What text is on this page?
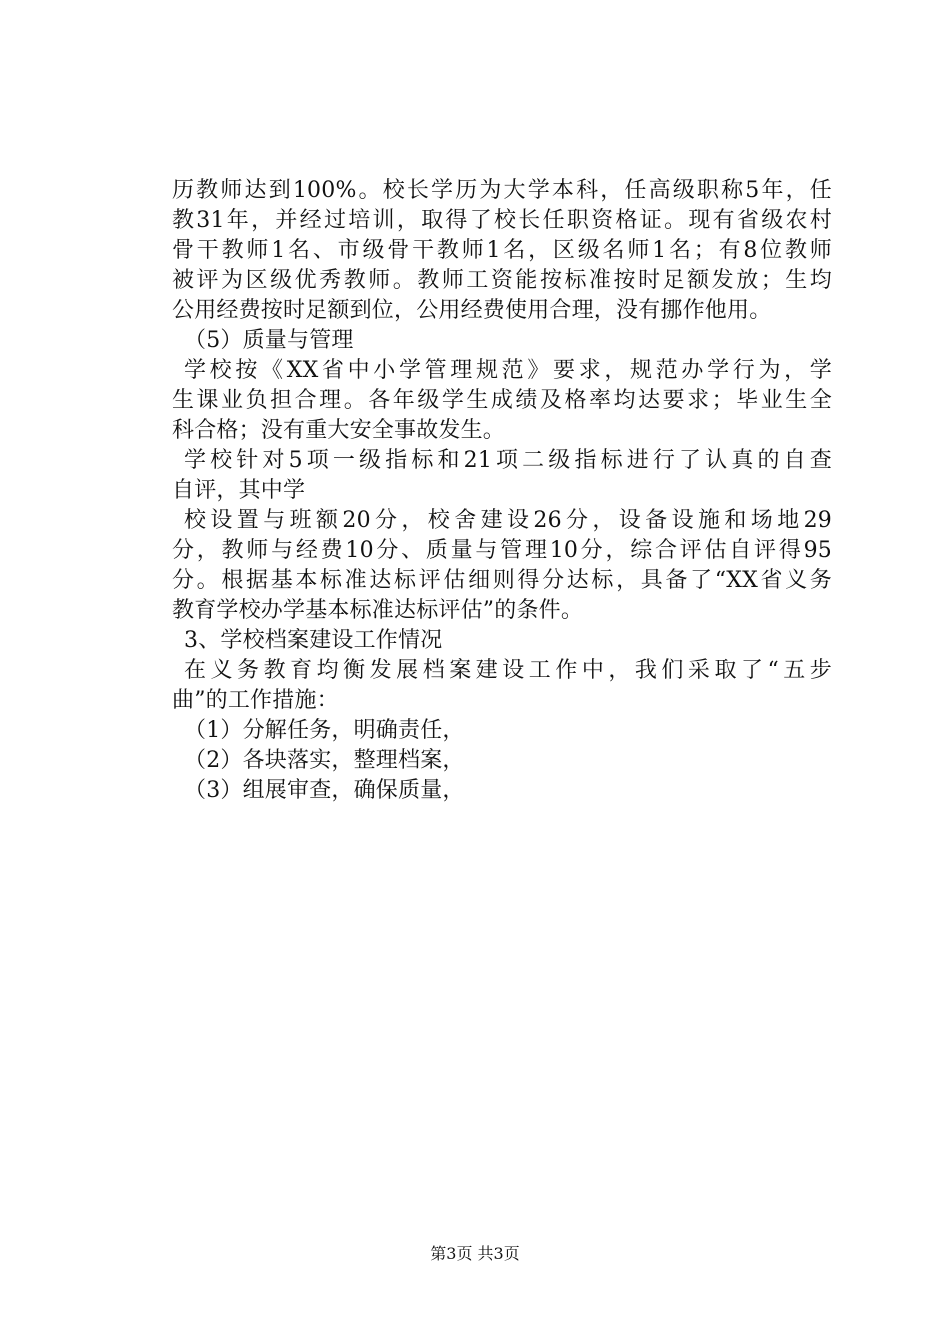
历教师达到100%。校长学历为大学本科，任高级职称5年，任
教31年，并经过培训，取得了校长任职资格证。现有省级农村
骨干教师1名、市级骨干教师1名，区级名师1名；有8位教师
被评为区级优秀教师。教师工资能按标准按时足额发放；生均
公用经费按时足额到位，公用经费使用合理，没有挪作他用。
（5）质量与管理
学校按《XX省中小学管理规范》要求，规范办学行为，学
生课业负担合理。各年级学生成绩及格率均达要求；毕业生全
科合格；没有重大安全事故发生。
学校针对5项一级指标和21项二级指标进行了认真的自查
自评，其中学
校设置与班额20分，校舍建设26分，设备设施和场地29
分，教师与经费10分、质量与管理10分，综合评估自评得95
分。根据基本标准达标评估细则得分达标，具备了“XX省义务
教育学校办学基本标准达标评估”的条件。
3、学校档案建设工作情况
在义务教育均衡发展档案建设工作中，我们采取了“五步
曲”的工作措施：
（1）分解任务，明确责任，
（2）各块落实，整理档案，
（3）组展审查，确保质量，
第3页 共3页
